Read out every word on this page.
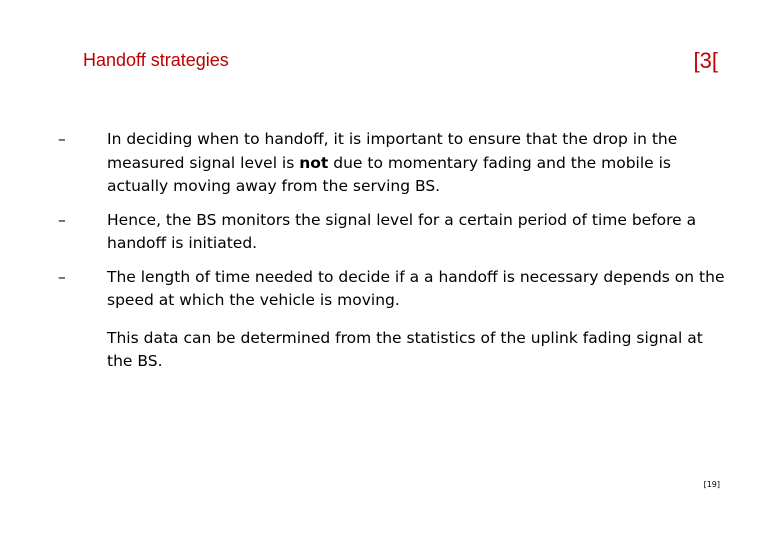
Handoff strategies	[3[
–	In deciding when to handoff, it is important to ensure that the drop in the measured signal level is not due to momentary fading and the mobile is actually moving away from the serving BS.
–	Hence, the BS monitors the signal level for a certain period of time before a handoff is initiated.
–	The length of time needed to decide if a a handoff is necessary depends on the speed at which the vehicle is moving.
This data can be determined from the statistics of the uplink fading signal at the BS.
[19]
